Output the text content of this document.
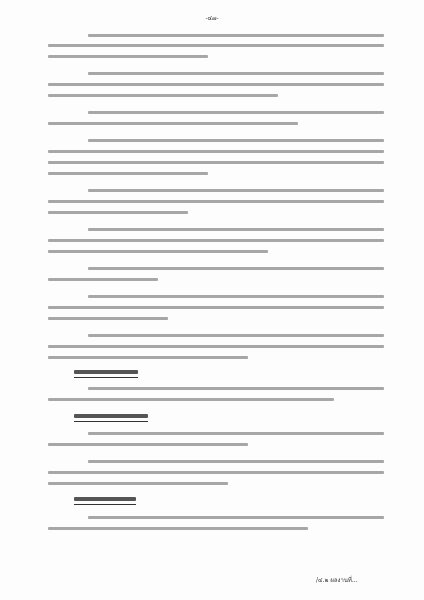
-๔๗-
/๔.๒ ผลงานที่...
